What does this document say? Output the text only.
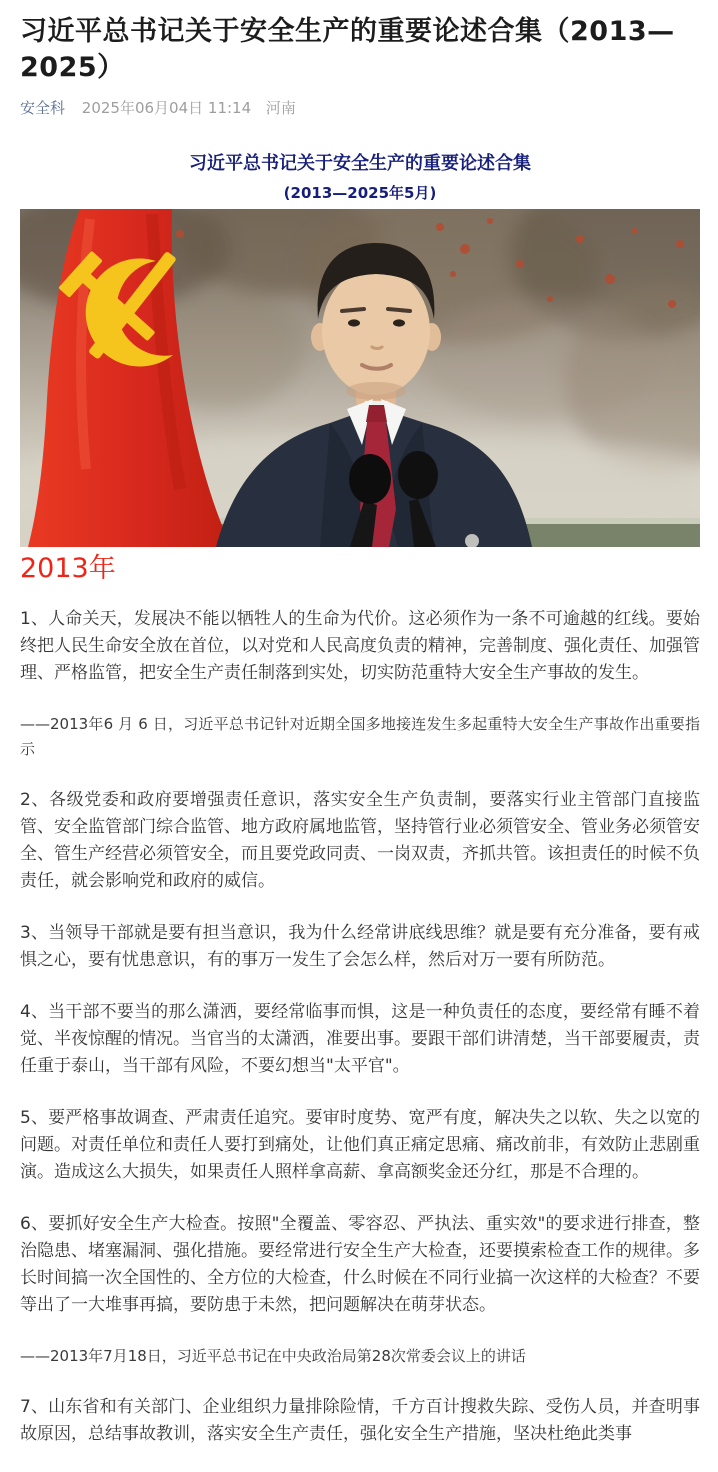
习近平总书记关于安全生产的重要论述合集（2013—2025）
安全科 2025年06月04日 11:14 河南
习近平总书记关于安全生产的重要论述合集
(2013—2025年5月)
2013年

1、人命关天，发展决不能以牺牲人的生命为代价。这必须作为一条不可逾越的红线。要始终把人民生命安全放在首位，以对党和人民高度负责的精神，完善制度、强化责任、加强管理、严格监管，把安全生产责任制落到实处，切实防范重特大安全生产事故的发生。

——2013年6 月 6 日，习近平总书记针对近期全国多地接连发生多起重特大安全生产事故作出重要指示

2、各级党委和政府要增强责任意识，落实安全生产负责制，要落实行业主管部门直接监管、安全监管部门综合监管、地方政府属地监管，坚持管行业必须管安全、管业务必须管安全、管生产经营必须管安全，而且要党政同责、一岗双责，齐抓共管。该担责任的时候不负责任，就会影响党和政府的威信。

3、当领导干部就是要有担当意识，我为什么经常讲底线思维？就是要有充分准备，要有戒惧之心，要有忧患意识，有的事万一发生了会怎么样，然后对万一要有所防范。

4、当干部不要当的那么潇洒，要经常临事而惧，这是一种负责任的态度，要经常有睡不着觉、半夜惊醒的情况。当官当的太潇洒，准要出事。要跟干部们讲清楚，当干部要履责，责任重于泰山，当干部有风险，不要幻想当"太平官"。

5、要严格事故调查、严肃责任追究。要审时度势、宽严有度，解决失之以软、失之以宽的问题。对责任单位和责任人要打到痛处，让他们真正痛定思痛、痛改前非，有效防止悲剧重演。造成这么大损失，如果责任人照样拿高薪、拿高额奖金还分红，那是不合理的。

6、要抓好安全生产大检查。按照"全覆盖、零容忍、严执法、重实效"的要求进行排查，整治隐患、堵塞漏洞、强化措施。要经常进行安全生产大检查，还要摸索检查工作的规律。多长时间搞一次全国性的、全方位的大检查，什么时候在不同行业搞一次这样的大检查？不要等出了一大堆事再搞，要防患于未然，把问题解决在萌芽状态。

——2013年7月18日，习近平总书记在中央政治局第28次常委会议上的讲话

7、山东省和有关部门、企业组织力量排除险情，千方百计搜救失踪、受伤人员，并查明事故原因，总结事故教训，落实安全生产责任，强化安全生产措施，坚决杜绝此类事
